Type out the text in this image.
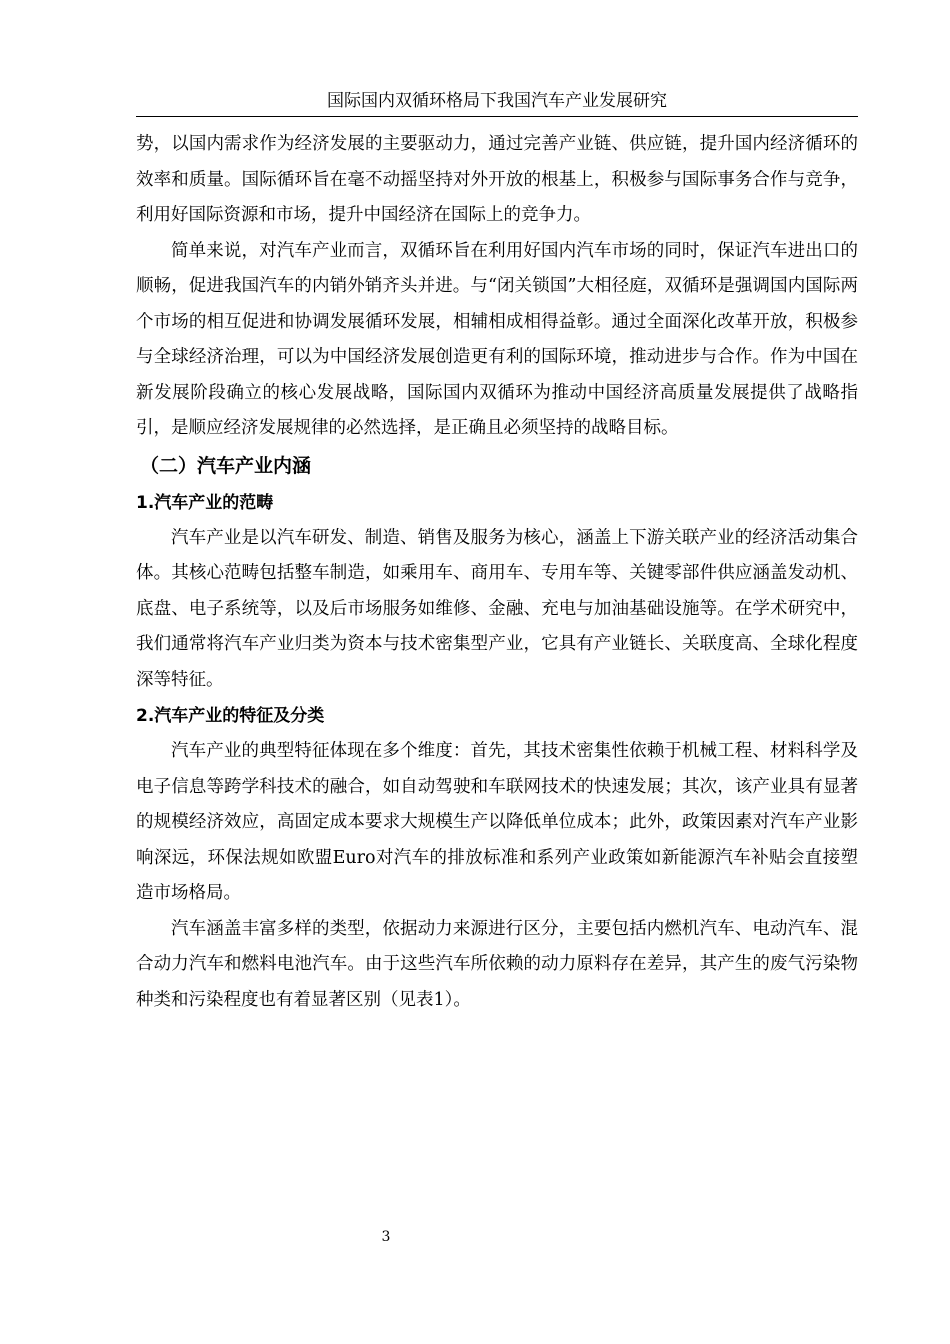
国际国内双循环格局下我国汽车产业发展研究

势，以国内需求作为经济发展的主要驱动力，通过完善产业链、供应链，提升国内经济循环的效率和质量。国际循环旨在毫不动摇坚持对外开放的根基上，积极参与国际事务合作与竞争，利用好国际资源和市场，提升中国经济在国际上的竞争力。

简单来说，对汽车产业而言，双循环旨在利用好国内汽车市场的同时，保证汽车进出口的顺畅，促进我国汽车的内销外销齐头并进。与“闭关锁国”大相径庭，双循环是强调国内国际两个市场的相互促进和协调发展循环发展，相辅相成相得益彰。通过全面深化改革开放，积极参与全球经济治理，可以为中国经济发展创造更有利的国际环境，推动进步与合作。作为中国在新发展阶段确立的核心发展战略，国际国内双循环为推动中国经济高质量发展提供了战略指引，是顺应经济发展规律的必然选择，是正确且必须坚持的战略目标。

（二）汽车产业内涵
1.汽车产业的范畴

汽车产业是以汽车研发、制造、销售及服务为核心，涵盖上下游关联产业的经济活动集合体。其核心范畴包括整车制造，如乘用车、商用车、专用车等、关键零部件供应涵盖发动机、底盘、电子系统等，以及后市场服务如维修、金融、充电与加油基础设施等。在学术研究中，我们通常将汽车产业归类为资本与技术密集型产业，它具有产业链长、关联度高、全球化程度深等特征。

2.汽车产业的特征及分类

汽车产业的典型特征体现在多个维度：首先，其技术密集性依赖于机械工程、材料科学及电子信息等跨学科技术的融合，如自动驾驶和车联网技术的快速发展；其次，该产业具有显著的规模经济效应，高固定成本要求大规模生产以降低单位成本；此外，政策因素对汽车产业影响深远，环保法规如欧盟Euro对汽车的排放标准和系列产业政策如新能源汽车补贴会直接塑造市场格局。

汽车涵盖丰富多样的类型，依据动力来源进行区分，主要包括内燃机汽车、电动汽车、混合动力汽车和燃料电池汽车。由于这些汽车所依赖的动力原料存在差异，其产生的废气污染物种类和污染程度也有着显著区别（见表1）。

3
